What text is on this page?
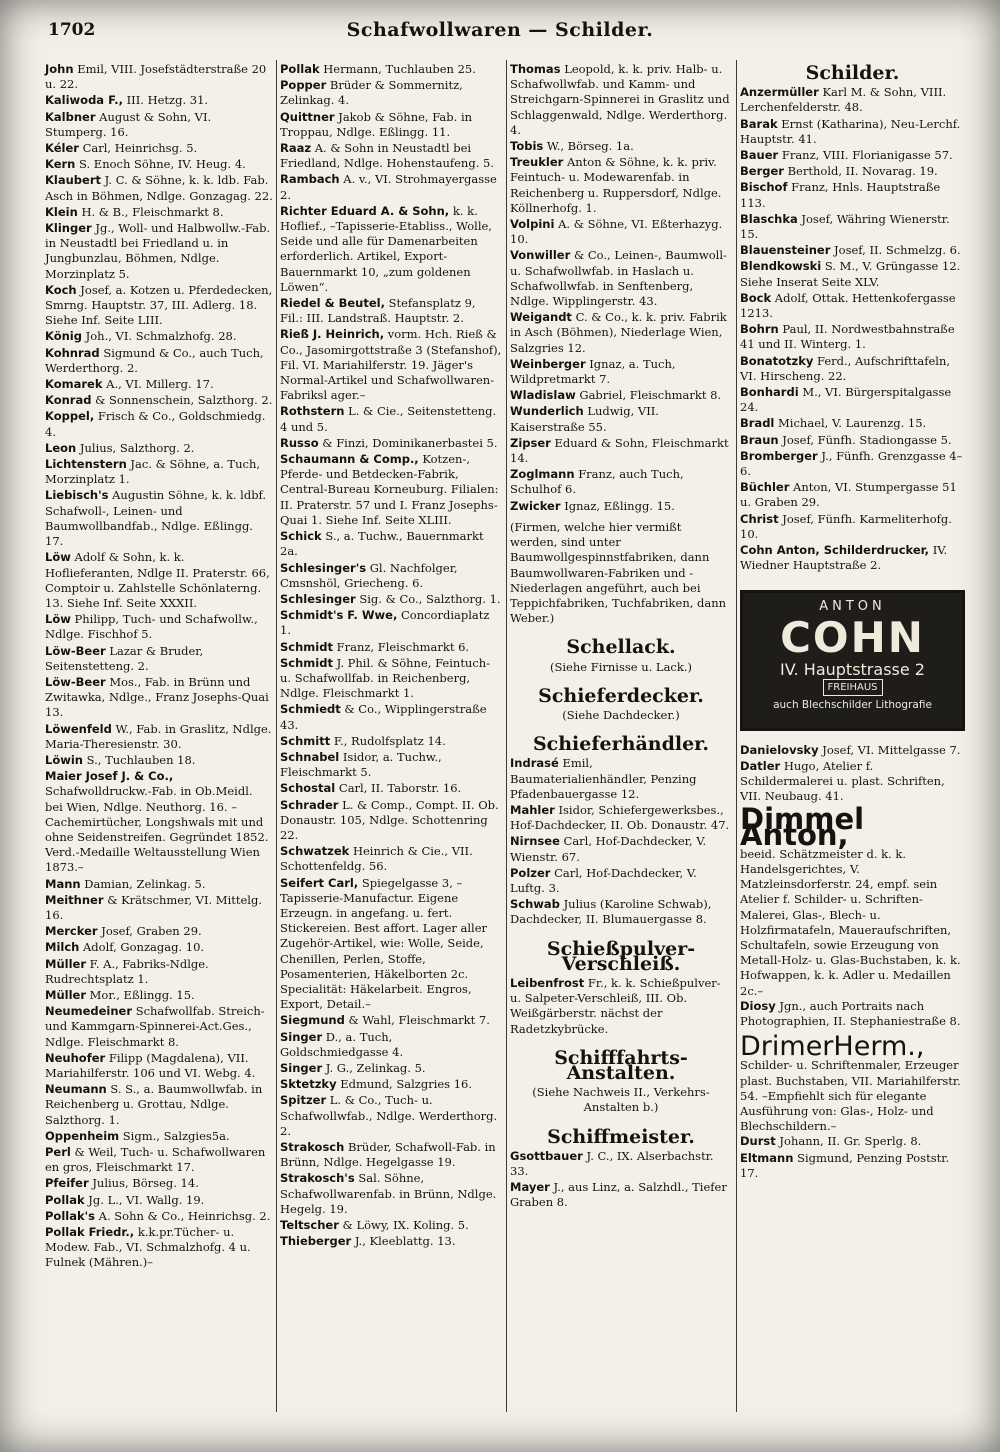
1702	Schafwollwaren — Schilder.
John Emil, VIII. Josefstädterstraße 20 u. 22.
Kaliwoda F., III. Hetzg. 31.
Kalbner August & Sohn, VI. Stumperg. 16.
Kéler Carl, Heinrichsg. 5.
Kern S. Enoch Söhne, IV. Heug. 4.
Klaubert J. C. & Söhne, k. k. ldb. Fab. Asch in Böhmen, Ndlge. Gonzagag. 22.
Klein H. & B., Fleischmarkt 8.
Klinger Jg., Woll- und Halbwollw.-Fab. in Neustadtl bei Friedland u. in Jungbunzlau, Böhmen, Ndlge. Morzinplatz 5.
Koch Josef, a. Kotzen u. Pferdedecken, Smrng. Hauptstr. 37, III. Adlerg. 18. Siehe Inf. Seite LIII.
König Joh., VI. Schmalzhofg. 28.
Kohnrad Sigmund & Co., auch Tuch, Werderthorg. 2.
Komarek A., VI. Millerg. 17.
Konrad & Sonnenschein, Salzthorg. 2.
Koppel, Frisch & Co., Goldschmiedg. 4.
Leon Julius, Salzthorg. 2.
Lichtenstern Jac. & Söhne, a. Tuch, Morzinplatz 1.
Liebisch's Augustin Söhne, k. k. ldbf. Schafwoll-, Leinen- und Baumwollbandfab., Ndlge. Eßlingg. 17.
Löw Adolf & Sohn, k. k. Hoflieferanten, Ndlge II. Praterstr. 66, Comptoir u. Zahlstelle Schönlaterng. 13. Siehe Inf. Seite XXXII.
Löw Philipp, Tuch- und Schafwollw., Ndlge. Fischhof 5.
Löw-Beer Lazar & Bruder, Seitenstetteng. 2.
Löw-Beer Mos., Fab. in Brünn und Zwitawka, Ndlge., Franz Josephs-Quai 13.
Löwenfeld W., Fab. in Graslitz, Ndlge. Maria-Theresienstr. 30.
Löwin S., Tuchlauben 18.
Maier Josef J. & Co., Schafwolldruckw.-Fab. in Ob.Meidl. bei Wien, Ndlge. Neuthorg. 16. –Cachemirtücher, Longshwals mit und ohne Seidenstreifen. Gegründet 1852. Verd.-Medaille Weltausstellung Wien 1873.–
Mann Damian, Zelinkag. 5.
Meithner & Krätschmer, VI. Mittelg. 16.
Mercker Josef, Graben 29.
Milch Adolf, Gonzagag. 10.
Müller F. A., Fabriks-Ndlge. Rudrechtsplatz 1.
Müller Mor., Eßlingg. 15.
Neumedeiner Schafwollfab. Streich- und Kammgarn-Spinnerei-Act.Ges., Ndlge. Fleischmarkt 8.
Neuhofer Filipp (Magdalena), VII. Mariahilferstr. 106 und VI. Webg. 4.
Neumann S. S., a. Baumwollwfab. in Reichenberg u. Grottau, Ndlge. Salzthorg. 1.
Oppenheim Sigm., Salzgies5a.
Perl & Weil, Tuch- u. Schafwollwaren en gros, Fleischmarkt 17.
Pfeifer Julius, Börseg. 14.
Pollak Jg. L., VI. Wallg. 19.
Pollak's A. Sohn & Co., Heinrichsg. 2.
Pollak Friedr., k.k.pr.Tücher- u. Modew. Fab., VI. Schmalzhofg. 4 u. Fulnek (Mähren.)–
Pollak Hermann, Tuchlauben 25.
Popper Brüder & Sommernitz, Zelinkag. 4.
Quittner Jakob & Söhne, Fab. in Troppau, Ndlge. Eßlingg. 11.
Raaz A. & Sohn in Neustadtl bei Friedland, Ndlge. Hohenstaufeng. 5.
Rambach A. v., VI. Strohmayergasse 2.
Richter Eduard A. & Sohn, k. k. Hoflief., –Tapisserie-Etabliss., Wolle, Seide und alle für Damenarbeiten erforderlich. Artikel, Export- Bauernmarkt 10, „zum goldenen Löwen“.
Riedel & Beutel, Stefansplatz 9, Fil.: III. Landstraß. Hauptstr. 2.
Rieß J. Heinrich, vorm. Hch. Rieß & Co., Jasomirgottstraße 3 (Stefanshof), Fil. VI. Mariahilferstr. 19. Jäger's Normal-Artikel und Schafwollwaren-Fabriksl ager.–
Rothstern L. & Cie., Seitenstetteng. 4 und 5.
Russo & Finzi, Dominikanerbastei 5.
Schaumann & Comp., Kotzen-, Pferde- und Betdecken-Fabrik, Central-Bureau Korneuburg. Filialen: II. Praterstr. 57 und I. Franz Josephs-Quai 1. Siehe Inf. Seite XLIII.
Schick S., a. Tuchw., Bauernmarkt 2a.
Schlesinger's Gl. Nachfolger, Cmsnshöl, Griecheng. 6.
Schlesinger Sig. & Co., Salzthorg. 1.
Schmidt's F. Wwe, Concordiaplatz 1.
Schmidt Franz, Fleischmarkt 6.
Schmidt J. Phil. & Söhne, Feintuch- u. Schafwollfab. in Reichenberg, Ndlge. Fleischmarkt 1.
Schmiedt & Co., Wipplingerstraße 43.
Schmitt F., Rudolfsplatz 14.
Schnabel Isidor, a. Tuchw., Fleischmarkt 5.
Schostal Carl, II. Taborstr. 16.
Schrader L. & Comp., Compt. II. Ob. Donaustr. 105, Ndlge. Schottenring 22.
Schwatzek Heinrich & Cie., VII. Schottenfeldg. 56.
Seifert Carl, Spiegelgasse 3, –Tapisserie-Manufactur. Eigene Erzeugn. in angefang. u. fert. Stickereien. Best affort. Lager aller Zugehör-Artikel, wie: Wolle, Seide, Chenillen, Perlen, Stoffe, Posamenterien, Häkelborten 2c. Specialität: Häkelarbeit. Engros, Export, Detail.–
Siegmund & Wahl, Fleischmarkt 7.
Singer D., a. Tuch, Goldschmiedgasse 4.
Singer J. G., Zelinkag. 5.
Sktetzky Edmund, Salzgries 16.
Spitzer L. & Co., Tuch- u. Schafwollwfab., Ndlge. Werderthorg. 2.
Strakosch Brüder, Schafwoll-Fab. in Brünn, Ndlge. Hegelgasse 19.
Strakosch's Sal. Söhne, Schafwollwarenfab. in Brünn, Ndlge. Hegelg. 19.
Teltscher & Löwy, IX. Koling. 5.
Thieberger J., Kleeblattg. 13.
Thomas Leopold, k. k. priv. Halb- u. Schafwollwfab. und Kamm- und Streichgarn-Spinnerei in Graslitz und Schlaggenwald, Ndlge. Werderthorg. 4.
Tobis W., Börseg. 1a.
Treukler Anton & Söhne, k. k. priv. Feintuch- u. Modewarenfab. in Reichenberg u. Ruppersdorf, Ndlge. Köllnerhofg. 1.
Volpini A. & Söhne, VI. Eßterhazyg. 10.
Vonwiller & Co., Leinen-, Baumwoll- u. Schafwollwfab. in Haslach u. Schafwollwfab. in Senftenberg, Ndlge. Wipplingerstr. 43.
Weigandt C. & Co., k. k. priv. Fabrik in Asch (Böhmen), Niederlage Wien, Salzgries 12.
Weinberger Ignaz, a. Tuch, Wildpretmarkt 7.
Wladislaw Gabriel, Fleischmarkt 8.
Wunderlich Ludwig, VII. Kaiserstraße 55.
Zipser Eduard & Sohn, Fleischmarkt 14.
Zoglmann Franz, auch Tuch, Schulhof 6.
Zwicker Ignaz, Eßlingg. 15.
(Firmen, welche hier vermißt werden, sind unter Baumwollgespinnstfabriken, dann Baumwollwaren-Fabriken und -Niederlagen angeführt, auch bei Teppichfabriken, Tuchfabriken, dann Weber.)
Schellack.
(Siehe Firnisse u. Lack.)
Schieferdecker.
(Siehe Dachdecker.)
Schieferhändler.
Indrasé Emil, Baumaterialienhändler, Penzing Pfadenbauergasse 12.
Mahler Isidor, Schiefergewerksbes., Hof-Dachdecker, II. Ob. Donaustr. 47.
Nirnsee Carl, Hof-Dachdecker, V. Wienstr. 67.
Polzer Carl, Hof-Dachdecker, V. Luftg. 3.
Schwab Julius (Karoline Schwab), Dachdecker, II. Blumauergasse 8.
Schießpulver-Verschleiß.
Leibenfrost Fr., k. k. Schießpulver- u. Salpeter-Verschleiß, III. Ob. Weißgärberstr. nächst der Radetzkybrücke.
Schifffahrts-Anstalten.
(Siehe Nachweis II., Verkehrs-Anstalten b.)
Schiffmeister.
Gsottbauer J. C., IX. Alserbachstr. 33.
Mayer J., aus Linz, a. Salzhdl., Tiefer Graben 8.
Schilder.
Anzermüller Karl M. & Sohn, VIII. Lerchenfelderstr. 48.
Barak Ernst (Katharina), Neu-Lerchf. Hauptstr. 41.
Bauer Franz, VIII. Florianigasse 57.
Berger Berthold, II. Novarag. 19.
Bischof Franz, Hnls. Hauptstraße 113.
Blaschka Josef, Währing Wienerstr. 15.
Blauensteiner Josef, II. Schmelzg. 6.
Blendkowski S. M., V. Grüngasse 12. Siehe Inserat Seite XLV.
Bock Adolf, Ottak. Hettenkofergasse 1213.
Bohrn Paul, II. Nordwestbahnstraße 41 und II. Winterg. 1.
Bonatotzky Ferd., Aufschrifttafeln, VI. Hirscheng. 22.
Bonhardi M., VI. Bürgerspitalgasse 24.
Bradl Michael, V. Laurenzg. 15.
Braun Josef, Fünfh. Stadiongasse 5.
Bromberger J., Fünfh. Grenzgasse 4–6.
Büchler Anton, VI. Stumpergasse 51 u. Graben 29.
Christ Josef, Fünfh. Karmeliterhofg. 10.
Cohn Anton, Schilderdrucker, IV. Wiedner Hauptstraße 2.
ANTON
COHN
IV. Hauptstrasse 2
FREIHAUS
auch Blechschilder Lithografie
Danielovsky Josef, VI. Mittelgasse 7.
Datler Hugo, Atelier f. Schildermalerei u. plast. Schriften, VII. Neubaug. 41.
Dimmel Anton,
beeid. Schätzmeister d. k. k. Handelsgerichtes, V. Matzleinsdorferstr. 24, empf. sein Atelier f. Schilder- u. Schriften-Malerei, Glas-, Blech- u. Holzfirmatafeln, Maueraufschriften, Schultafeln, sowie Erzeugung von Metall-Holz- u. Glas-Buchstaben, k. k. Hofwappen, k. k. Adler u. Medaillen 2c.–
Diosy Jgn., auch Portraits nach Photographien, II. Stephaniestraße 8.
DrimerHerm.,
Schilder- u. Schriftenmaler, Erzeuger plast. Buchstaben, VII. Mariahilferstr. 54. –Empfiehlt sich für elegante Ausführung von: Glas-, Holz- und Blechschildern.–
Durst Johann, II. Gr. Sperlg. 8.
Eltmann Sigmund, Penzing Poststr. 17.
